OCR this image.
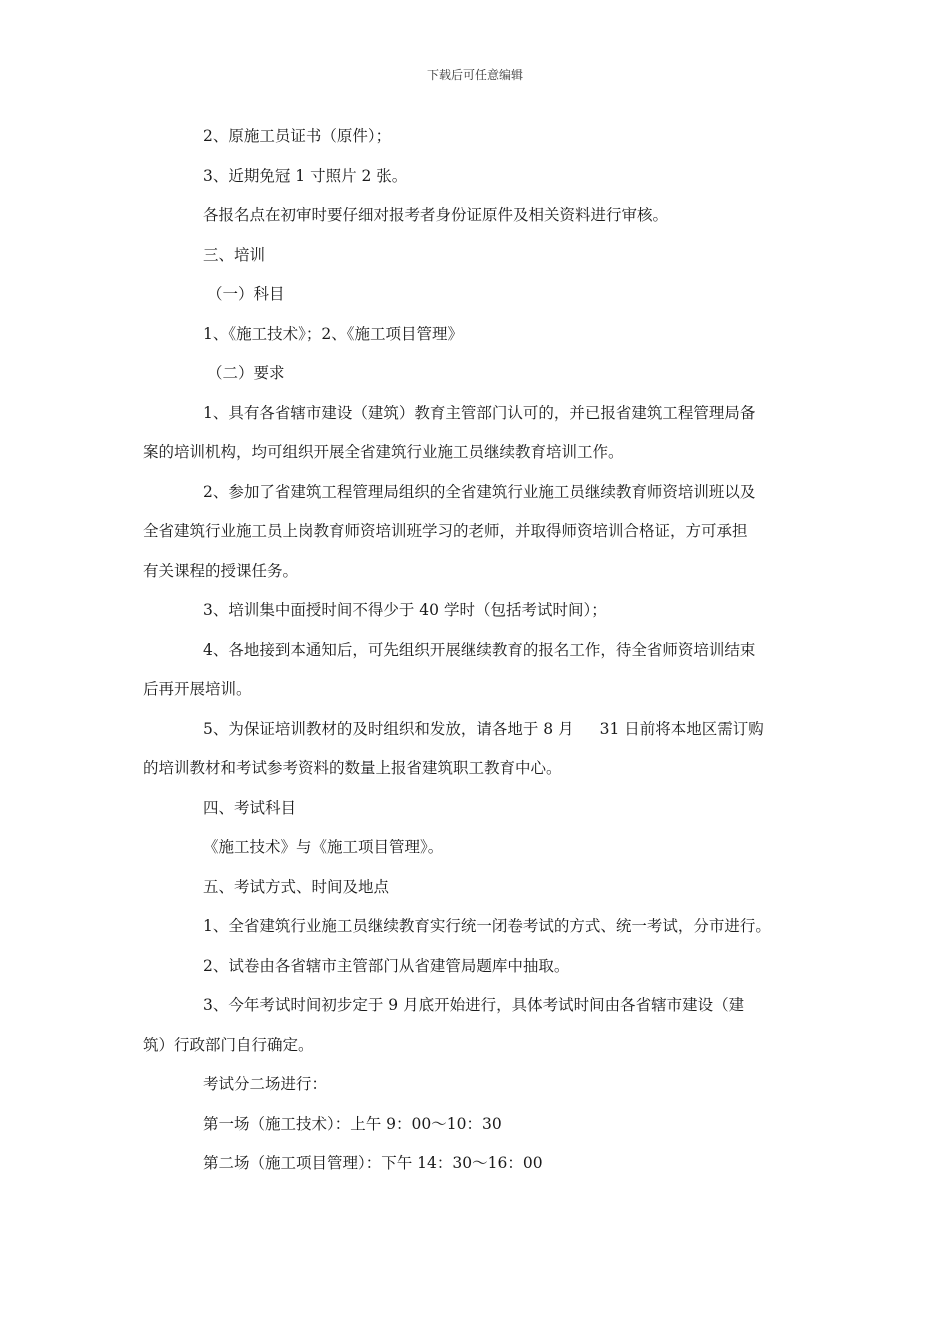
下载后可任意编辑
2、原施工员证书（原件）；
3、近期免冠 1 寸照片 2 张。
各报名点在初审时要仔细对报考者身份证原件及相关资料进行审核。
三、培训
（一）科目
1、《施工技术》；2、《施工项目管理》
（二）要求
1、具有各省辖市建设（建筑）教育主管部门认可的，并已报省建筑工程管理局备
案的培训机构，均可组织开展全省建筑行业施工员继续教育培训工作。
2、参加了省建筑工程管理局组织的全省建筑行业施工员继续教育师资培训班以及
全省建筑行业施工员上岗教育师资培训班学习的老师，并取得师资培训合格证，方可承担
有关课程的授课任务。
3、培训集中面授时间不得少于 40 学时（包括考试时间）；
4、各地接到本通知后，可先组织开展继续教育的报名工作，待全省师资培训结束
后再开展培训。
5、为保证培训教材的及时组织和发放，请各地于 8 月 31 日前将本地区需订购
的培训教材和考试参考资料的数量上报省建筑职工教育中心。
四、考试科目
《施工技术》与《施工项目管理》。
五、考试方式、时间及地点
1、全省建筑行业施工员继续教育实行统一闭卷考试的方式、统一考试，分市进行。
2、试卷由各省辖市主管部门从省建管局题库中抽取。
3、今年考试时间初步定于 9 月底开始进行，具体考试时间由各省辖市建设（建
筑）行政部门自行确定。
考试分二场进行：
第一场（施工技术）：上午 9：00～10：30
第二场（施工项目管理）：下午 14：30～16：00
